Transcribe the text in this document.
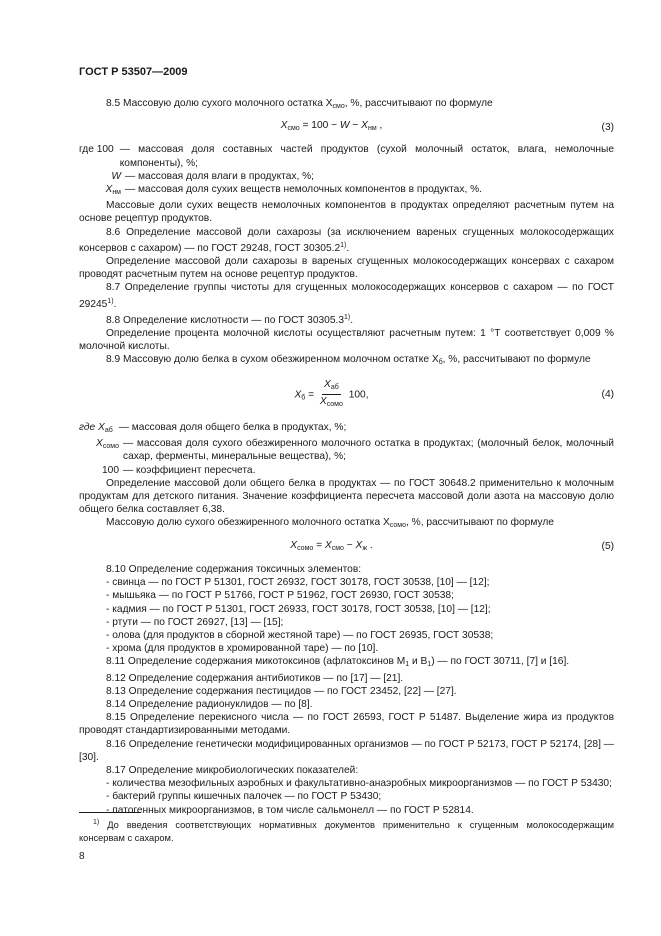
ГОСТ Р 53507—2009

8.5 Массовую долю сухого молочного остатка $X_{смо}$, %, рассчитывают по формуле

$X_{смо} = 100 - W - X_{нм}$ ,	(3)
где 100 — массовая доля составных частей продуктов (сухой молочный остаток, влага, немолочные компоненты), %;
W — массовая доля влаги в продуктах, %;
$X_{нм}$ — массовая доля сухих веществ немолочных компонентов в продуктах, %.

Массовые доли сухих веществ немолочных компонентов в продуктах определяют расчетным путем на основе рецептур продуктов.

8.6 Определение массовой доли сахарозы (за исключением вареных сгущенных молокосодержащих консервов с сахаром) — по ГОСТ 29248, ГОСТ 30305.2$^{1)}$.

Определение массовой доли сахарозы в вареных сгущенных молокосодержащих консервах с сахаром проводят расчетным путем на основе рецептур продуктов.

8.7 Определение группы чистоты для сгущенных молокосодержащих консервов с сахаром — по ГОСТ 29245$^{1)}$.

8.8 Определение кислотности — по ГОСТ 30305.3$^{1)}$.

Определение процента молочной кислоты осуществляют расчетным путем: 1 °Т соответствует 0,009 % молочной кислоты.

8.9 Массовую долю белка в сухом обезжиренном молочном остатке $X_б$, %, рассчитывают по формуле

$X_б = \frac{X_{аб}}{X_{сомо}} 100$,	(4)
где $X_{аб}$ — массовая доля общего белка в продуктах, %;
$X_{сомо}$ — массовая доля сухого обезжиренного молочного остатка в продуктах; (молочный белок, молочный сахар, ферменты, минеральные вещества), %;
100 — коэффициент пересчета.

Определение массовой доли общего белка в продуктах — по ГОСТ 30648.2 применительно к молочным продуктам для детского питания. Значение коэффициента пересчета массовой доли азота на массовую долю общего белка составляет 6,38.

Массовую долю сухого обезжиренного молочного остатка $X_{сомо}$, %, рассчитывают по формуле

$X_{сомо} = X_{смо} - X_ж$ .	(5)

8.10 Определение содержания токсичных элементов:

- свинца — по ГОСТ Р 51301, ГОСТ 26932, ГОСТ 30178, ГОСТ 30538, [10] — [12];

- мышьяка — по ГОСТ Р 51766, ГОСТ Р 51962, ГОСТ 26930, ГОСТ 30538;

- кадмия — по ГОСТ Р 51301, ГОСТ 26933, ГОСТ 30178, ГОСТ 30538, [10] — [12];

- ртути — по ГОСТ 26927, [13] — [15];

- олова (для продуктов в сборной жестяной таре) — по ГОСТ 26935, ГОСТ 30538;

- хрома (для продуктов в хромированной таре) — по [10].

8.11 Определение содержания микотоксинов (афлатоксинов $M_1$ и $B_1$) — по ГОСТ 30711, [7] и [16].

8.12 Определение содержания антибиотиков — по [17] — [21].

8.13 Определение содержания пестицидов — по ГОСТ 23452, [22] — [27].

8.14 Определение радионуклидов — по [8].

8.15 Определение перекисного числа — по ГОСТ 26593, ГОСТ Р 51487. Выделение жира из продуктов проводят стандартизированными методами.

8.16 Определение генетически модифицированных организмов — по ГОСТ Р 52173, ГОСТ Р 52174, [28] — [30].

8.17 Определение микробиологических показателей:

- количества мезофильных аэробных и факультативно-анаэробных микроорганизмов — по ГОСТ Р 53430;

- бактерий группы кишечных палочек — по ГОСТ Р 53430;

- патогенных микроорганизмов, в том числе сальмонелл — по ГОСТ Р 52814.

$^{1)}$ До введения соответствующих нормативных документов применительно к сгущенным молокосодержащим консервам с сахаром.
8
